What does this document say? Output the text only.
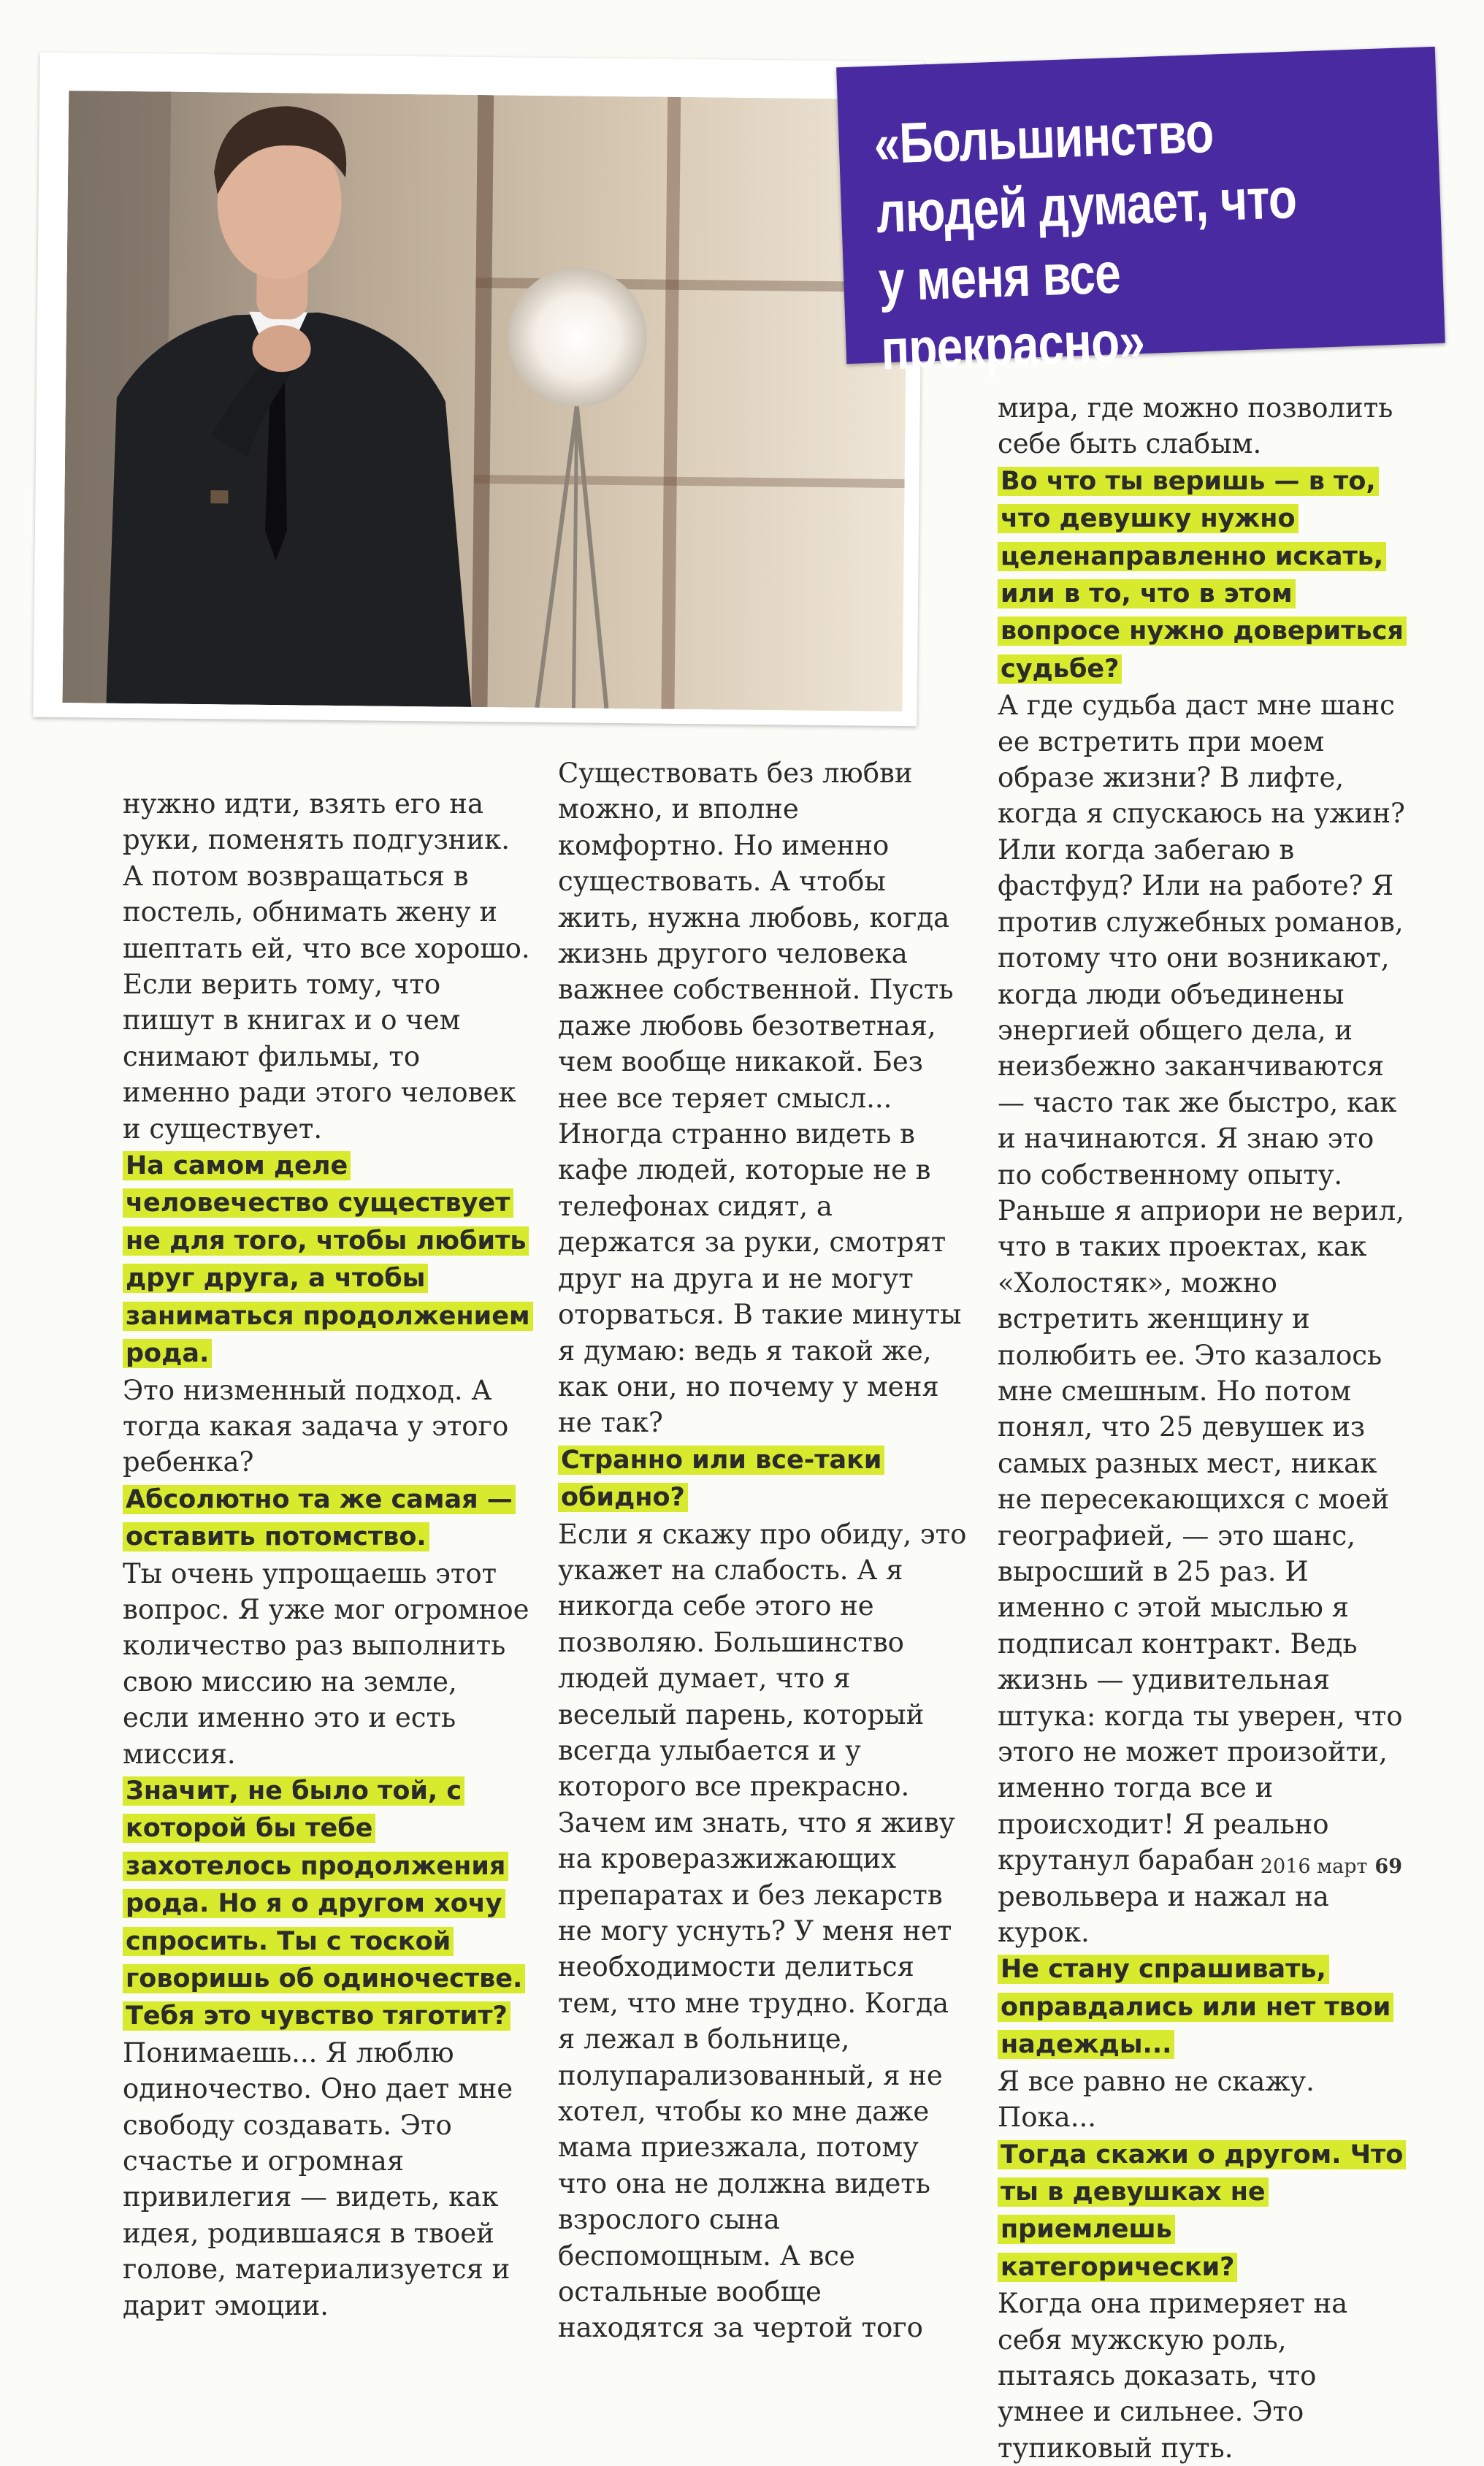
«Большинство людей думает, что у меня все прекрасно»

нужно идти, взять его на руки, поменять подгузник. А потом возвращаться в постель, обнимать жену и шептать ей, что все хорошо. Если верить тому, что пишут в книгах и о чем снимают фильмы, то именно ради этого человек и существует.

На самом деле человечество существует не для того, чтобы любить друг друга, а чтобы заниматься продолжением рода.

Это низменный подход. А тогда какая задача у этого ребенка?

Абсолютно та же самая — оставить потомство.

Ты очень упрощаешь этот вопрос. Я уже мог огромное количество раз выполнить свою миссию на земле, если именно это и есть миссия.

Значит, не было той, с которой бы тебе захотелось продолжения рода. Но я о другом хочу спросить. Ты с тоской говоришь об одиночестве. Тебя это чувство тяготит?

Понимаешь... Я люблю одиночество. Оно дает мне свободу создавать. Это счастье и огромная привилегия — видеть, как идея, родившаяся в твоей голове, материализуется и дарит эмоции.

Существовать без любви можно, и вполне комфортно. Но именно существовать. А чтобы жить, нужна любовь, когда жизнь другого человека важнее собственной. Пусть даже любовь безответная, чем вообще никакой. Без нее все теряет смысл... Иногда странно видеть в кафе людей, которые не в телефонах сидят, а держатся за руки, смотрят друг на друга и не могут оторваться. В такие минуты я думаю: ведь я такой же, как они, но почему у меня не так?

Странно или все-таки обидно?

Если я скажу про обиду, это укажет на слабость. А я никогда себе этого не позволяю. Большинство людей думает, что я веселый парень, который всегда улыбается и у которого все прекрасно. Зачем им знать, что я живу на кроверазжижающих препаратах и без лекарств не могу уснуть? У меня нет необходимости делиться тем, что мне трудно. Когда я лежал в больнице, полупарализованный, я не хотел, чтобы ко мне даже мама приезжала, потому что она не должна видеть взрослого сына беспомощным. А все остальные вообще находятся за чертой того

мира, где можно позволить себе быть слабым.

Во что ты веришь — в то, что девушку нужно целенаправленно искать, или в то, что в этом вопросе нужно довериться судьбе?

А где судьба даст мне шанс ее встретить при моем образе жизни? В лифте, когда я спускаюсь на ужин? Или когда забегаю в фастфуд? Или на работе? Я против служебных романов, потому что они возникают, когда люди объединены энергией общего дела, и неизбежно заканчиваются — часто так же быстро, как и начинаются. Я знаю это по собственному опыту. Раньше я априори не верил, что в таких проектах, как «Холостяк», можно встретить женщину и полюбить ее. Это казалось мне смешным. Но потом понял, что 25 девушек из самых разных мест, никак не пересекающихся с моей географией, — это шанс, выросший в 25 раз. И именно с этой мыслью я подписал контракт. Ведь жизнь — удивительная штука: когда ты уверен, что этого не может произойти, именно тогда все и происходит! Я реально крутанул барабан револьвера и нажал на курок.

Не стану спрашивать, оправдались или нет твои надежды...

Я все равно не скажу. Пока...

Тогда скажи о другом. Что ты в девушках не приемлешь категорически?

Когда она примеряет на себя мужскую роль, пытаясь доказать, что умнее и сильнее. Это тупиковый путь.

2016 март 69
